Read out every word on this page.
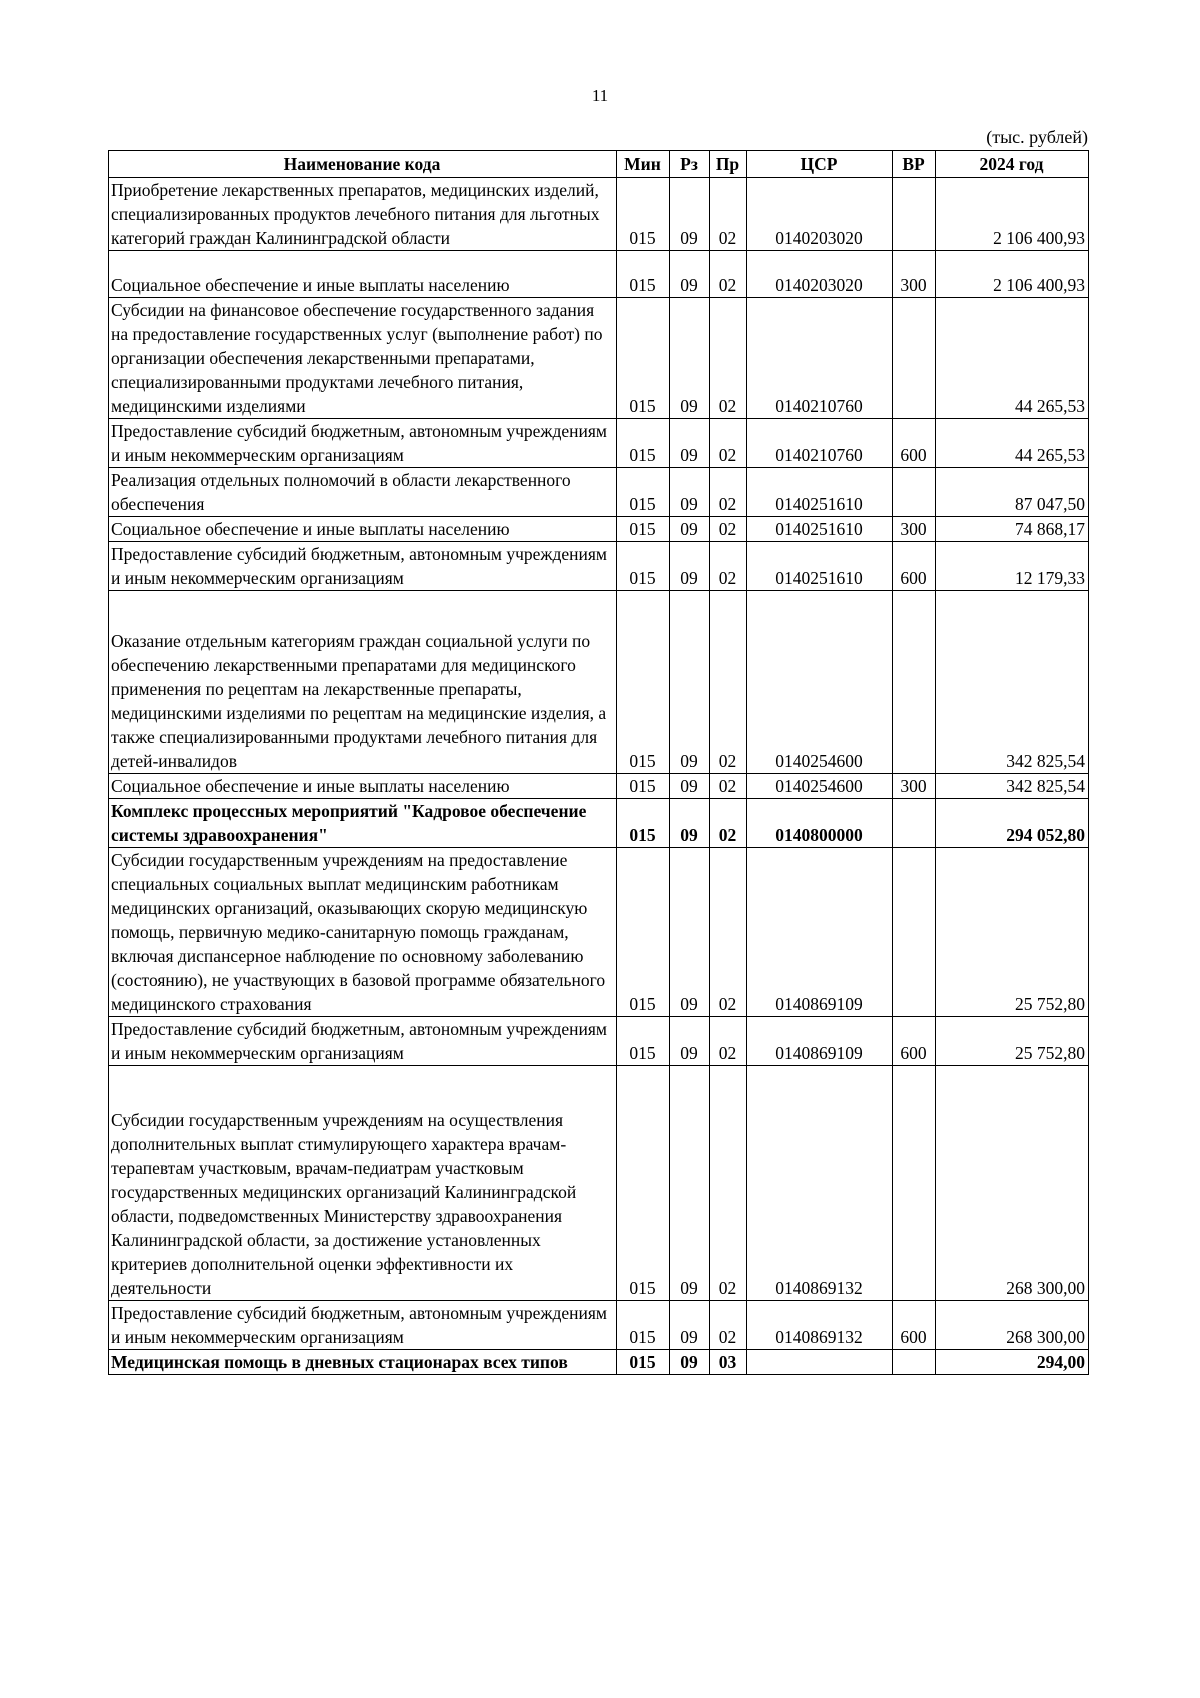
11
(тыс. рублей)
Наименование кода	Мин	Рз	Пр	ЦСР	ВР	2024 год
Приобретение лекарственных препаратов, медицинских изделий, специализированных продуктов лечебного питания для льготных категорий граждан Калининградской области	015	09	02	0140203020		2 106 400,93
Социальное обеспечение и иные выплаты населению	015	09	02	0140203020	300	2 106 400,93
Субсидии на финансовое обеспечение государственного задания на предоставление государственных услуг (выполнение работ) по организации обеспечения лекарственными препаратами, специализированными продуктами лечебного питания, медицинскими изделиями	015	09	02	0140210760		44 265,53
Предоставление субсидий бюджетным, автономным учреждениям и иным некоммерческим организациям	015	09	02	0140210760	600	44 265,53
Реализация отдельных полномочий в области лекарственного обеспечения	015	09	02	0140251610		87 047,50
Социальное обеспечение и иные выплаты населению	015	09	02	0140251610	300	74 868,17
Предоставление субсидий бюджетным, автономным учреждениям и иным некоммерческим организациям	015	09	02	0140251610	600	12 179,33
Оказание отдельным категориям граждан социальной услуги по обеспечению лекарственными препаратами для медицинского применения по рецептам на лекарственные препараты, медицинскими изделиями по рецептам на медицинские изделия, а также специализированными продуктами лечебного питания для детей-инвалидов	015	09	02	0140254600		342 825,54
Социальное обеспечение и иные выплаты населению	015	09	02	0140254600	300	342 825,54
Комплекс процессных мероприятий "Кадровое обеспечение системы здравоохранения"	015	09	02	0140800000		294 052,80
Субсидии государственным учреждениям на предоставление специальных социальных выплат медицинским работникам медицинских организаций, оказывающих скорую медицинскую помощь, первичную медико-санитарную помощь гражданам, включая диспансерное наблюдение по основному заболеванию (состоянию), не участвующих в базовой программе обязательного медицинского страхования	015	09	02	0140869109		25 752,80
Предоставление субсидий бюджетным, автономным учреждениям и иным некоммерческим организациям	015	09	02	0140869109	600	25 752,80
Субсидии государственным учреждениям на осуществления дополнительных выплат стимулирующего характера врачам-терапевтам участковым, врачам-педиатрам участковым государственных медицинских организаций Калининградской области, подведомственных Министерству здравоохранения Калининградской области, за достижение установленных критериев дополнительной оценки эффективности их деятельности	015	09	02	0140869132		268 300,00
Предоставление субсидий бюджетным, автономным учреждениям и иным некоммерческим организациям	015	09	02	0140869132	600	268 300,00
Медицинская помощь в дневных стационарах всех типов	015	09	03			294,00
